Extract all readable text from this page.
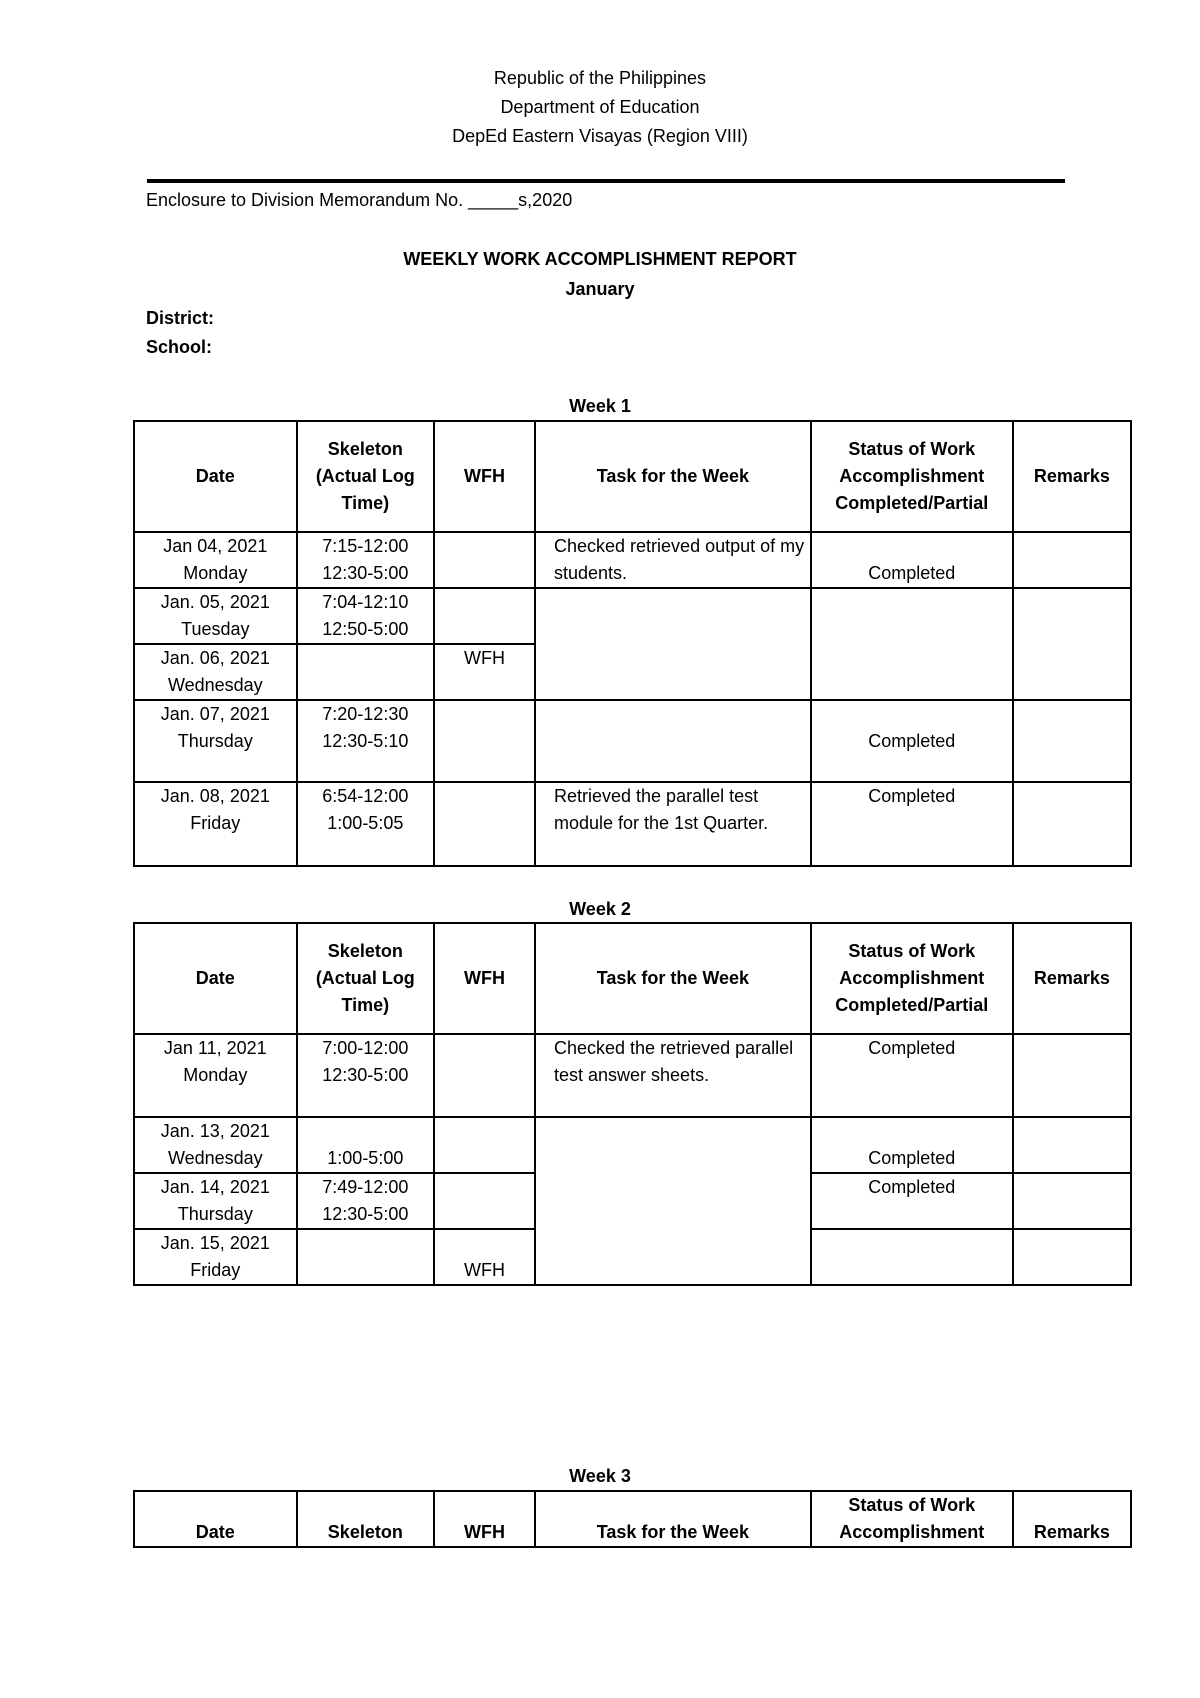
Republic of the Philippines
Department of Education
DepEd Eastern Visayas (Region VIII)
Enclosure to Division Memorandum No. _____s,2020
WEEKLY WORK ACCOMPLISHMENT REPORT
January
District:
School:
Week 1
Date	Skeleton
(Actual Log
Time)	WFH	Task for the Week	Status of Work
Accomplishment
Completed/Partial	Remarks

Jan 04, 2021
Monday	7:15-12:00
12:30-5:00		Checked retrieved output of my students.	Completed	

Jan. 05, 2021
Tuesday	7:04-12:10
12:50-5:00				

Jan. 06, 2021
Wednesday		WFH			

Jan. 07, 2021
Thursday	7:20-12:30
12:30-5:10			Completed	

Jan. 08, 2021
Friday	6:54-12:00
1:00-5:05		Retrieved the parallel test module for the 1st Quarter.	Completed	
Week 2
Date	Skeleton
(Actual Log
Time)	WFH	Task for the Week	Status of Work
Accomplishment
Completed/Partial	Remarks

Jan 11, 2021
Monday	7:00-12:00
12:30-5:00		Checked the retrieved parallel test answer sheets.	Completed	

Jan. 13, 2021
Wednesday	1:00-5:00			Completed	

Jan. 14, 2021
Thursday	7:49-12:00
12:30-5:00			Completed	

Jan. 15, 2021
Friday		WFH			
Week 3
Date	Skeleton	WFH	Task for the Week	
Status of Work
Accomplishment	Remarks
